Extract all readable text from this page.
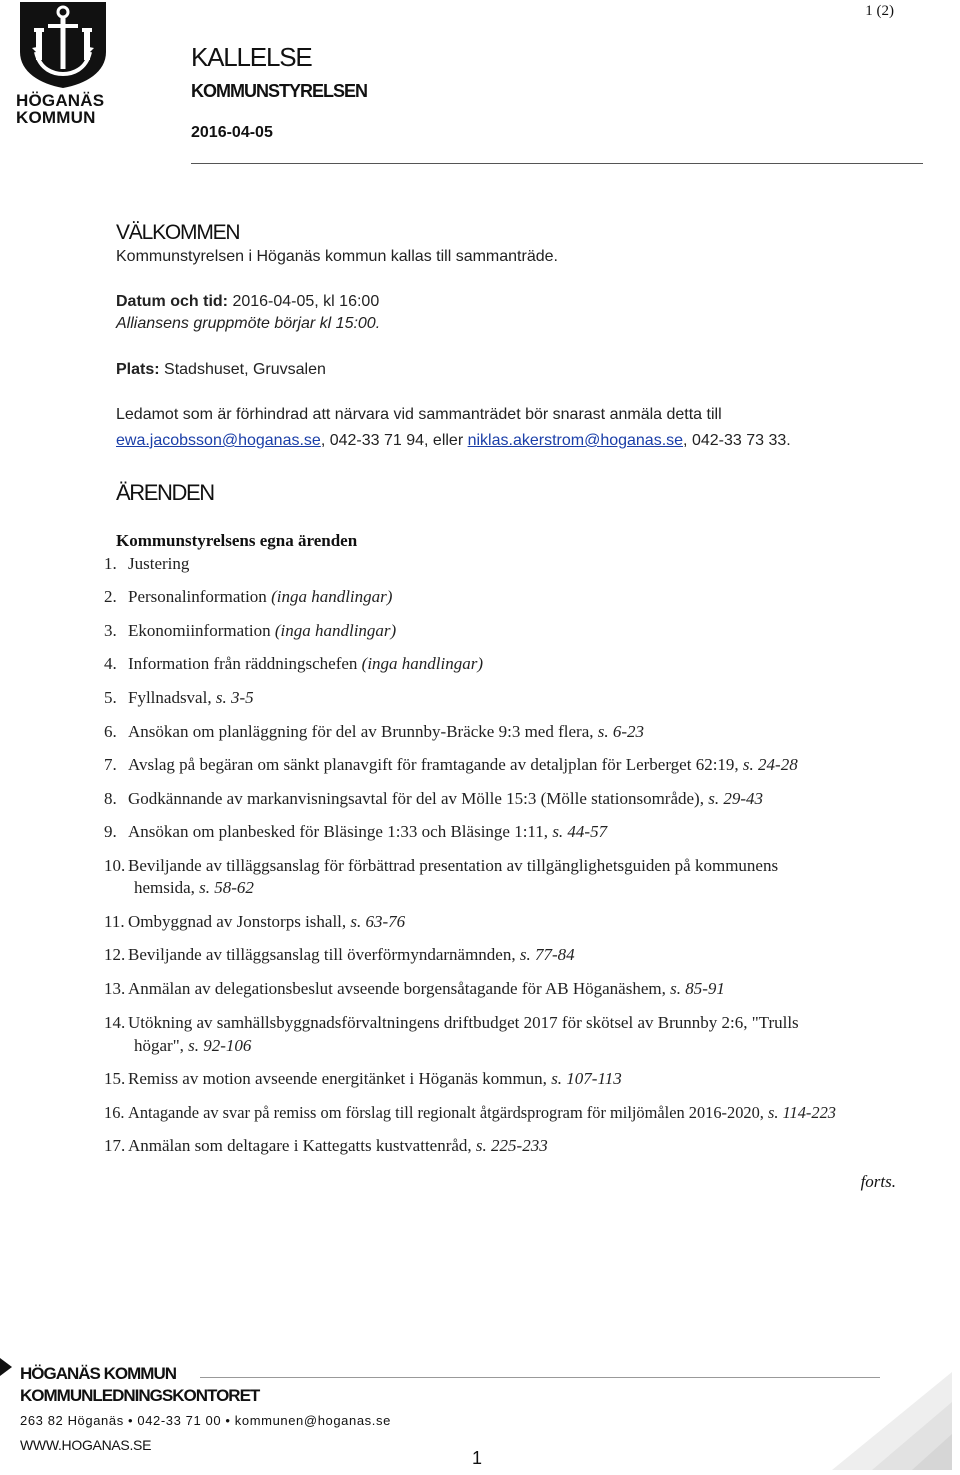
HÖGANÄS
KOMMUN
1 (2)
KALLELSE
KOMMUNSTYRELSEN
2016-04-05
VÄLKOMMEN
Kommunstyrelsen i Höganäs kommun kallas till sammanträde.
Datum och tid: 2016-04-05, kl 16:00
Alliansens gruppmöte börjar kl 15:00.
Plats: Stadshuset, Gruvsalen
Ledamot som är förhindrad att närvara vid sammanträdet bör snarast anmäla detta till
ewa.jacobsson@hoganas.se, 042-33 71 94, eller niklas.akerstrom@hoganas.se, 042-33 73 33.
ÄRENDEN
Kommunstyrelsens egna ärenden
1. Justering
2. Personalinformation (inga handlingar)
3. Ekonomiinformation (inga handlingar)
4. Information från räddningschefen (inga handlingar)
5. Fyllnadsval, s. 3-5
6. Ansökan om planläggning för del av Brunnby-Bräcke 9:3 med flera, s. 6-23
7. Avslag på begäran om sänkt planavgift för framtagande av detaljplan för Lerberget 62:19, s. 24-28
8. Godkännande av markanvisningsavtal för del av Mölle 15:3 (Mölle stationsområde), s. 29-43
9. Ansökan om planbesked för Bläsinge 1:33 och Bläsinge 1:11, s. 44-57
10. Beviljande av tilläggsanslag för förbättrad presentation av tillgänglighetsguiden på kommunens
hemsida, s. 58-62
11. Ombyggnad av Jonstorps ishall, s. 63-76
12. Beviljande av tilläggsanslag till överförmyndarnämnden, s. 77-84
13. Anmälan av delegationsbeslut avseende borgensåtagande för AB Höganäshem, s. 85-91
14. Utökning av samhällsbyggnadsförvaltningens driftbudget 2017 för skötsel av Brunnby 2:6, "Trulls
högar", s. 92-106
15. Remiss av motion avseende energitänket i Höganäs kommun, s. 107-113
16. Antagande av svar på remiss om förslag till regionalt åtgärdsprogram för miljömålen 2016-2020, s. 114-223
17. Anmälan som deltagare i Kattegatts kustvattenråd, s. 225-233
forts.
HÖGANÄS KOMMUN
KOMMUNLEDNINGSKONTORET
263 82 Höganäs • 042-33 71 00 • kommunen@hoganas.se
WWW.HOGANAS.SE
1
